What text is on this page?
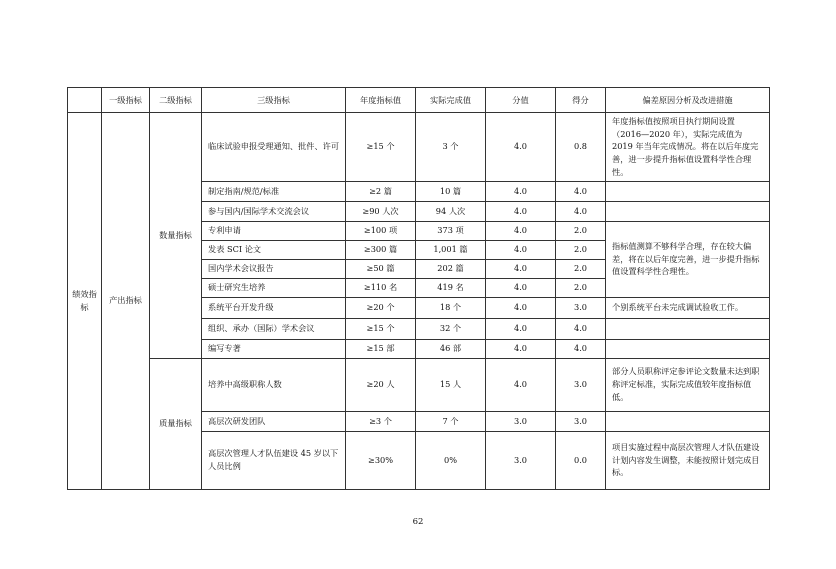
	一级指标	二级指标	三级指标	年度指标值	实际完成值	分值	得分	偏差原因分析及改进措施
绩效指标	产出指标	数量指标	临床试验申报受理通知、批件、许可	≥15 个	3 个	4.0	0.8	年度指标值按照项目执行期间设置（2016—2020 年），实际完成值为 2019 年当年完成情况。将在以后年度完善，进一步提升指标值设置科学性合理性。
			制定指南/规范/标准	≥2 篇	10 篇	4.0	4.0	
			参与国内/国际学术交流会议	≥90 人次	94 人次	4.0	4.0	
			专利申请	≥100 项	373 项	4.0	2.0	指标值测算不够科学合理，存在较大偏差，将在以后年度完善，进一步提升指标值设置科学性合理性。
			发表 SCI 论文	≥300 篇	1,001 篇	4.0	2.0	
			国内学术会议报告	≥50 篇	202 篇	4.0	2.0	
			硕士研究生培养	≥110 名	419 名	4.0	2.0	
			系统平台开发升级	≥20 个	18 个	4.0	3.0	个别系统平台未完成调试验收工作。
			组织、承办（国际）学术会议	≥15 个	32 个	4.0	4.0	
			编写专著	≥15 部	46 部	4.0	4.0	
		质量指标	培养中高级职称人数	≥20 人	15 人	4.0	3.0	部分人员职称评定参评论文数量未达到职称评定标准，实际完成值较年度指标值低。
			高层次研发团队	≥3 个	7 个	3.0	3.0	
			高层次管理人才队伍建设 45 岁以下人员比例	≥30%	0%	3.0	0.0	项目实施过程中高层次管理人才队伍建设计划内容发生调整，未能按照计划完成目标。
62
